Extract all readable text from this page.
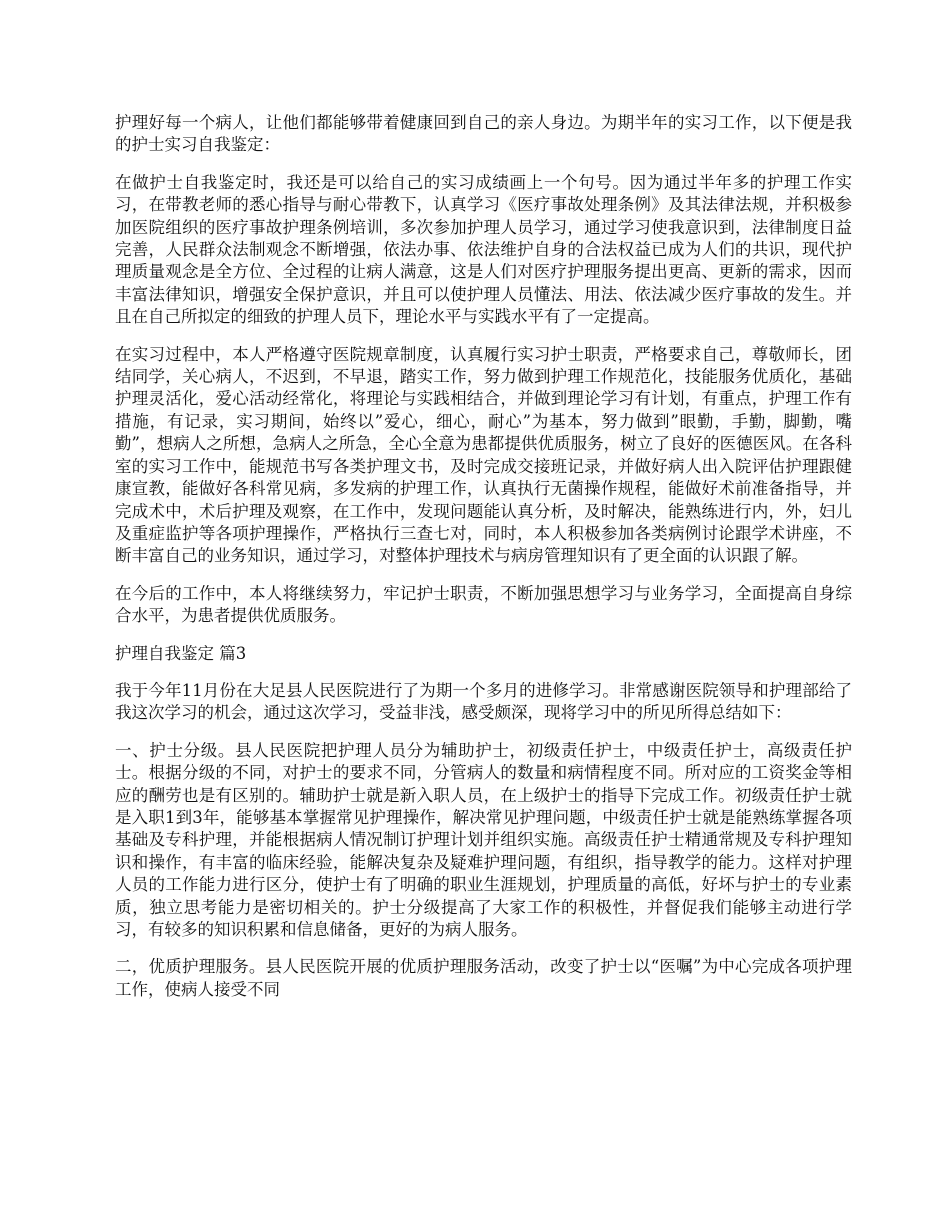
护理好每一个病人，让他们都能够带着健康回到自己的亲人身边。为期半年的实习工作，以下便是我的护士实习自我鉴定：

在做护士自我鉴定时，我还是可以给自己的实习成绩画上一个句号。因为通过半年多的护理工作实习，在带教老师的悉心指导与耐心带教下，认真学习《医疗事故处理条例》及其法律法规，并积极参加医院组织的医疗事故护理条例培训，多次参加护理人员学习，通过学习使我意识到，法律制度日益完善，人民群众法制观念不断增强，依法办事、依法维护自身的合法权益已成为人们的共识，现代护理质量观念是全方位、全过程的让病人满意，这是人们对医疗护理服务提出更高、更新的需求，因而丰富法律知识，增强安全保护意识，并且可以使护理人员懂法、用法、依法减少医疗事故的发生。并且在自己所拟定的细致的护理人员下，理论水平与实践水平有了一定提高。

在实习过程中，本人严格遵守医院规章制度，认真履行实习护士职责，严格要求自己，尊敬师长，团结同学，关心病人，不迟到，不早退，踏实工作，努力做到护理工作规范化，技能服务优质化，基础护理灵活化，爱心活动经常化，将理论与实践相结合，并做到理论学习有计划，有重点，护理工作有措施，有记录，实习期间，始终以”爱心，细心，耐心”为基本，努力做到”眼勤，手勤，脚勤，嘴勤”，想病人之所想，急病人之所急，全心全意为患都提供优质服务，树立了良好的医德医风。在各科室的实习工作中，能规范书写各类护理文书，及时完成交接班记录，并做好病人出入院评估护理跟健康宣教，能做好各科常见病，多发病的护理工作，认真执行无菌操作规程，能做好术前准备指导，并完成术中，术后护理及观察，在工作中，发现问题能认真分析，及时解决，能熟练进行内，外，妇儿及重症监护等各项护理操作，严格执行三查七对，同时，本人积极参加各类病例讨论跟学术讲座，不断丰富自己的业务知识，通过学习，对整体护理技术与病房管理知识有了更全面的认识跟了解。

在今后的工作中，本人将继续努力，牢记护士职责，不断加强思想学习与业务学习，全面提高自身综合水平，为患者提供优质服务。

护理自我鉴定 篇3

我于今年11月份在大足县人民医院进行了为期一个多月的进修学习。非常感谢医院领导和护理部给了我这次学习的机会，通过这次学习，受益非浅，感受颇深，现将学习中的所见所得总结如下：

一、护士分级。县人民医院把护理人员分为辅助护士，初级责任护士，中级责任护士，高级责任护士。根据分级的不同，对护士的要求不同，分管病人的数量和病情程度不同。所对应的工资奖金等相应的酬劳也是有区别的。辅助护士就是新入职人员，在上级护士的指导下完成工作。初级责任护士就是入职1到3年，能够基本掌握常见护理操作，解决常见护理问题，中级责任护士就是能熟练掌握各项基础及专科护理，并能根据病人情况制订护理计划并组织实施。高级责任护士精通常规及专科护理知识和操作，有丰富的临床经验，能解决复杂及疑难护理问题，有组织，指导教学的能力。这样对护理人员的工作能力进行区分，使护士有了明确的职业生涯规划，护理质量的高低，好坏与护士的专业素质，独立思考能力是密切相关的。护士分级提高了大家工作的积极性，并督促我们能够主动进行学习，有较多的知识积累和信息储备，更好的为病人服务。

二，优质护理服务。县人民医院开展的优质护理服务活动，改变了护士以“医嘱”为中心完成各项护理工作，使病人接受不同
